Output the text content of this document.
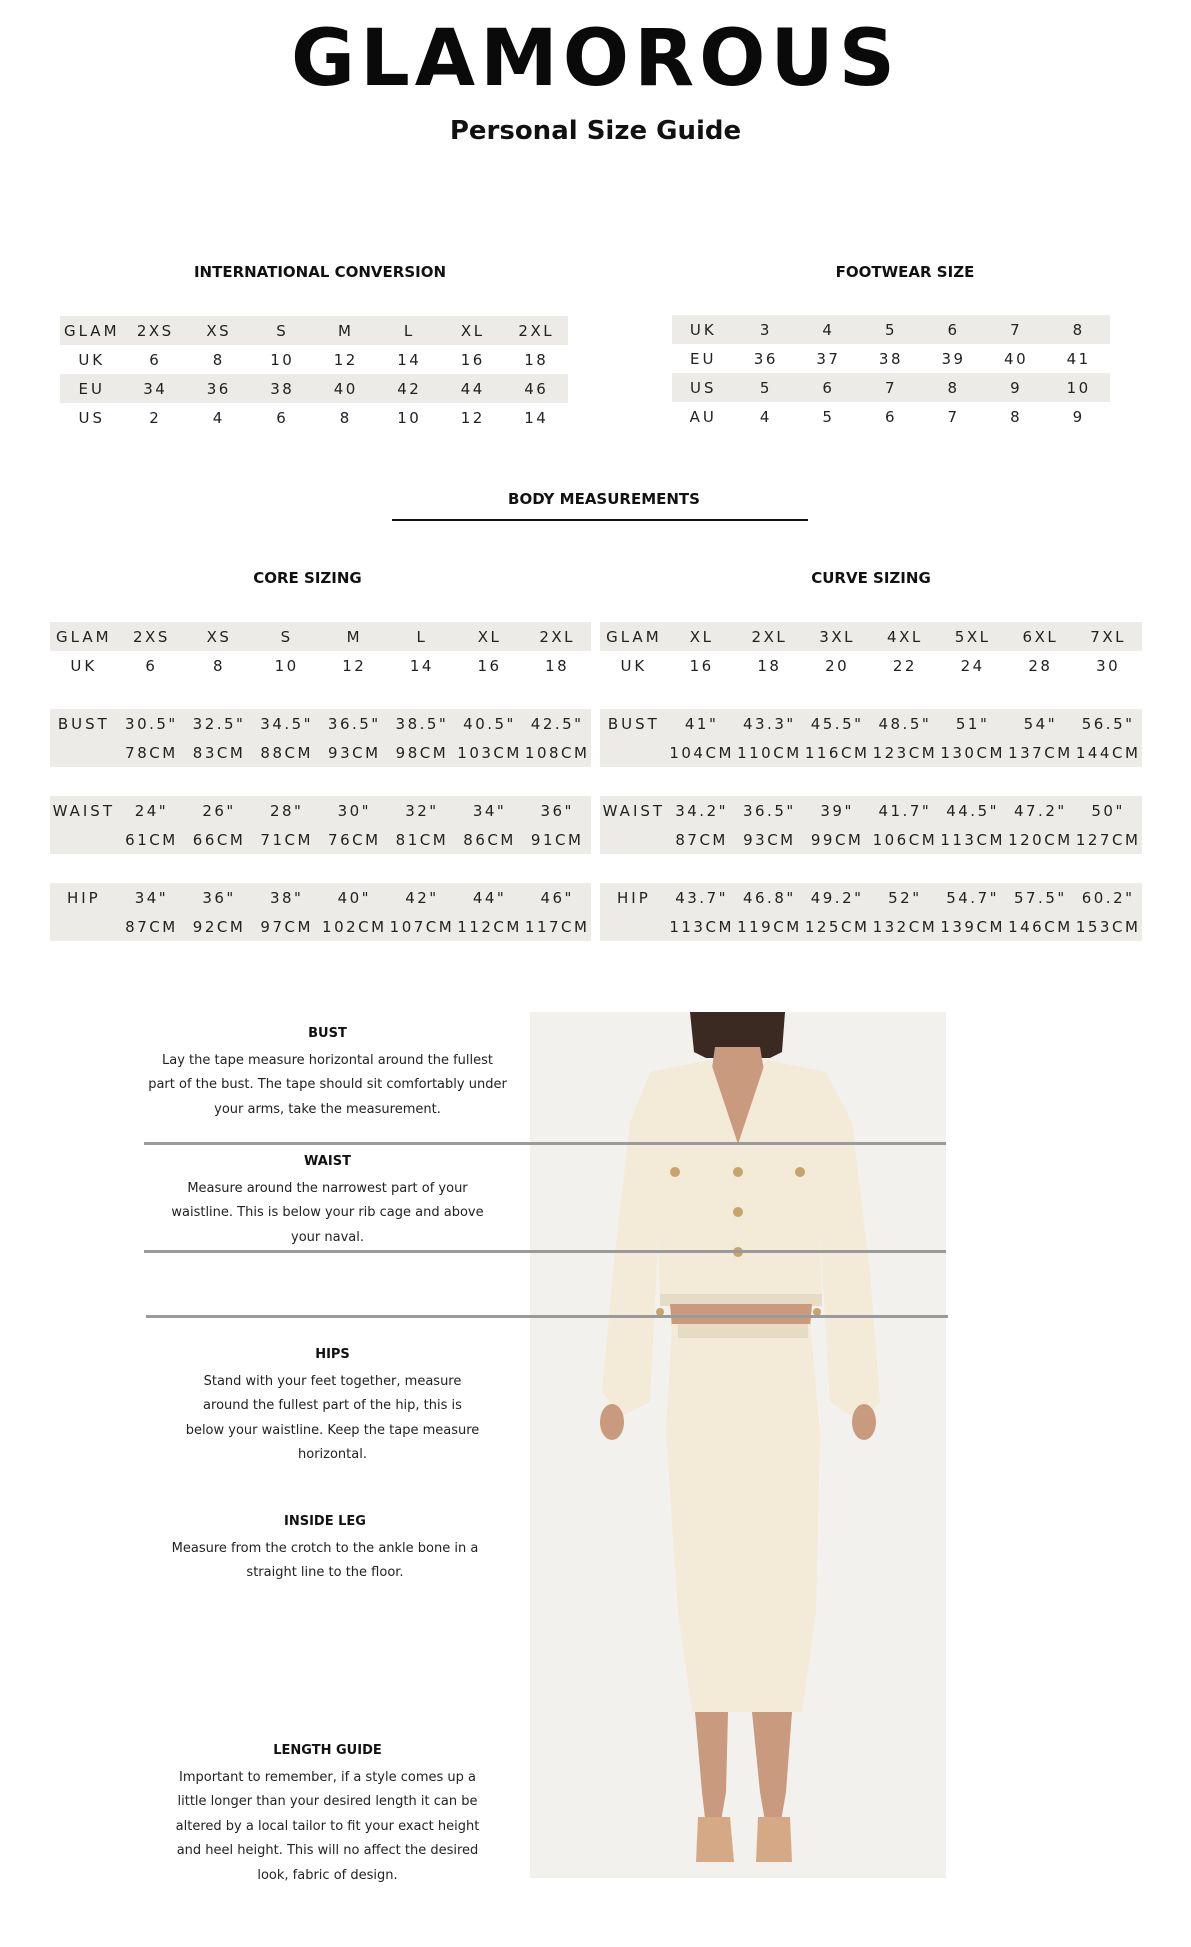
GLAMOROUS
Personal Size Guide
INTERNATIONAL CONVERSION
GLAM	2XS	XS	S	M	L	XL	2XL
UK	6	8	10	12	14	16	18
EU	34	36	38	40	42	44	46
US	2	4	6	8	10	12	14
FOOTWEAR SIZE
UK	3	4	5	6	7	8
EU	36	37	38	39	40	41
US	5	6	7	8	9	10
AU	4	5	6	7	8	9
BODY MEASUREMENTS
CORE SIZING	CURVE SIZING
GLAM	2XS	XS	S	M	L	XL	2XL
UK	6	8	10	12	14	16	18

BUST	30.5"	32.5"	34.5"	36.5"	38.5"	40.5"	42.5"
	78CM	83CM	88CM	93CM	98CM	103CM	108CM

WAIST	24"	26"	28"	30"	32"	34"	36"
	61CM	66CM	71CM	76CM	81CM	86CM	91CM

HIP	34"	36"	38"	40"	42"	44"	46"
	87CM	92CM	97CM	102CM	107CM	112CM	117CM
GLAM	XL	2XL	3XL	4XL	5XL	6XL	7XL
UK	16	18	20	22	24	28	30

BUST	41"	43.3"	45.5"	48.5"	51"	54"	56.5"
	104CM	110CM	116CM	123CM	130CM	137CM	144CM

WAIST	34.2"	36.5"	39"	41.7"	44.5"	47.2"	50"
	87CM	93CM	99CM	106CM	113CM	120CM	127CM

HIP	43.7"	46.8"	49.2"	52"	54.7"	57.5"	60.2"
	113CM	119CM	125CM	132CM	139CM	146CM	153CM
BUST
Lay the tape measure horizontal around the fullest
part of the bust. The tape should sit comfortably under
your arms, take the measurement.
WAIST
Measure around the narrowest part of your
waistline. This is below your rib cage and above
your naval.
HIPS
Stand with your feet together, measure
around the fullest part of the hip, this is
below your waistline. Keep the tape measure
horizontal.
INSIDE LEG
Measure from the crotch to the ankle bone in a
straight line to the floor.
LENGTH GUIDE
Important to remember, if a style comes up a
little longer than your desired length it can be
altered by a local tailor to fit your exact height
and heel height. This will no affect the desired
look, fabric of design.
